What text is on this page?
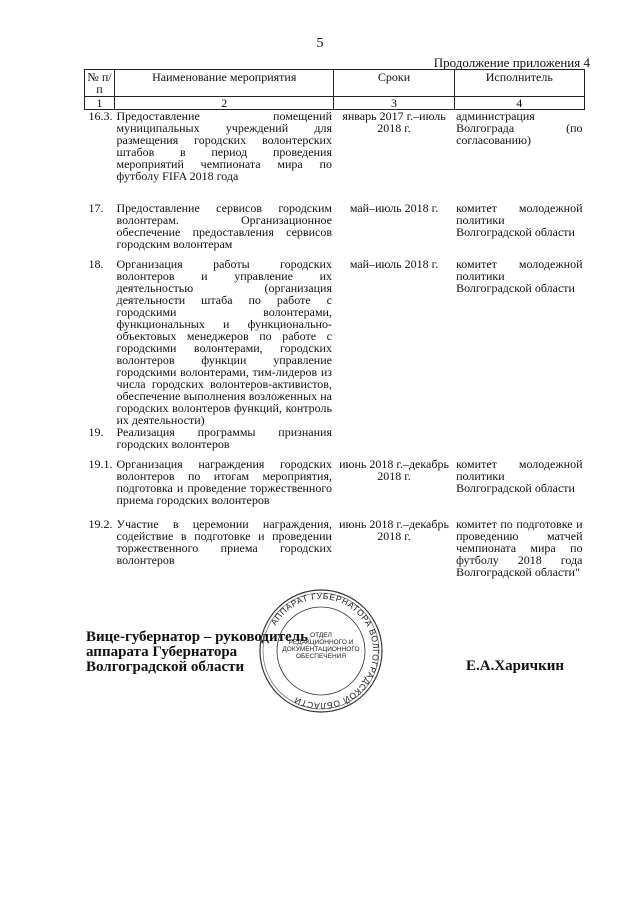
5
Продолжение приложения 4
№ п/п	Наименование мероприятия	Сроки	Исполнитель
1	2	3	4
16.3.	Предоставление помещений муниципальных учреждений для размещения городских волонтерских штабов в период проведения мероприятий чемпионата мира по футболу FIFA 2018 года	январь 2017 г.–июль 2018 г.	администрация Волгограда (по согласованию)
17.	Предоставление сервисов городским волонтерам. Организационное обеспечение предоставления сервисов городским волонтерам	май–июль 2018 г.	комитет молодежной политики Волгоградской области
18.	Организация работы городских волонтеров и управление их деятельностью (организация деятельности штаба по работе с городскими волонтерами, функциональных и функционально-объектовых менеджеров по работе с городскими волонтерами, городских волонтеров функции управление городскими волонтерами, тим-лидеров из числа городских волонтеров-активистов, обеспечение выполнения возложенных на городских волонтеров функций, контроль их деятельности)	май–июль 2018 г.	комитет молодежной политики Волгоградской области
19.	Реализация программы признания городских волонтеров		
19.1.	Организация награждения городских волонтеров по итогам мероприятия, подготовка и проведение торжественного приема городских волонтеров	июнь 2018 г.–декабрь 2018 г.	комитет молодежной политики Волгоградской области
19.2.	Участие в церемонии награждения, содействие в подготовке и проведении торжественного приема городских волонтеров	июнь 2018 г.–декабрь 2018 г.	комитет по подготовке и проведению матчей чемпионата мира по футболу 2018 года Волгоградской области"
Вице-губернатор – руководитель
аппарата Губернатора
Волгоградской области	Е.А.Харичкин
АППАРАТ ГУБЕРНАТОРА ВОЛГОГРАДСКОЙ ОБЛАСТИ
ОТДЕЛ РЕДАКЦИОННОГО И ДОКУМЕНТАЦИОННОГО ОБЕСПЕЧЕНИЯ
